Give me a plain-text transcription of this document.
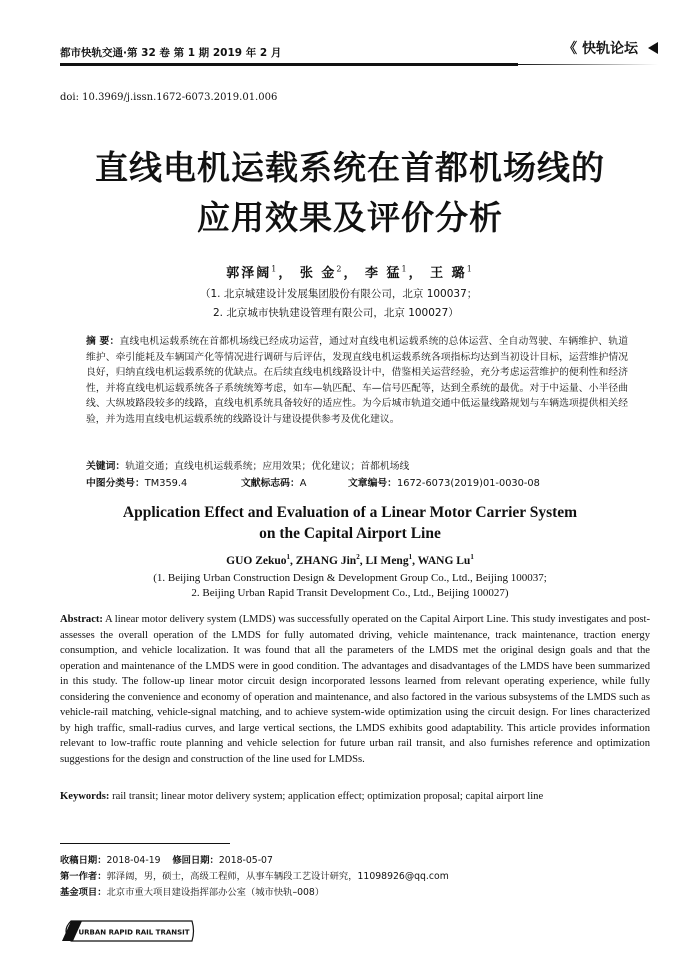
都市快轨交通·第 32 卷 第 1 期 2019 年 2 月	《 快轨论坛
doi: 10.3969/j.issn.1672-6073.2019.01.006
直线电机运载系统在首都机场线的
应用效果及评价分析
郭泽阔$^1$， 张 金$^2$， 李 猛$^1$， 王 璐$^1$
（1. 北京城建设计发展集团股份有限公司，北京 100037；
2. 北京城市快轨建设管理有限公司，北京 100027）
摘 要：直线电机运载系统在首都机场线已经成功运营，通过对直线电机运载系统的总体运营、全自动驾驶、车辆维护、轨道维护、牵引能耗及车辆国产化等情况进行调研与后评估，发现直线电机运载系统各项指标均达到当初设计目标，运营维护情况良好，归纳直线电机运载系统的优缺点。在后续直线电机线路设计中，借鉴相关运营经验，充分考虑运营维护的便利性和经济性，并将直线电机运载系统各子系统统筹考虑，如车—轨匹配、车—信号匹配等，达到全系统的最优。对于中运量、小半径曲线、大纵坡路段较多的线路，直线电机系统具备较好的适应性。为今后城市轨道交通中低运量线路规划与车辆选项提供相关经验，并为选用直线电机运载系统的线路设计与建设提供参考及优化建议。
关键词：轨道交通；直线电机运载系统；应用效果；优化建议；首都机场线
中图分类号：TM359.4	文献标志码：A	文章编号：1672-6073(2019)01-0030-08
Application Effect and Evaluation of a Linear Motor Carrier System
on the Capital Airport Line
GUO Zekuo$^1$, ZHANG Jin$^2$, LI Meng$^1$, WANG Lu$^1$
(1. Beijing Urban Construction Design & Development Group Co., Ltd., Beijing 100037;
2. Beijing Urban Rapid Transit Development Co., Ltd., Beijing 100027)
Abstract: A linear motor delivery system (LMDS) was successfully operated on the Capital Airport Line. This study investigates and post-assesses the overall operation of the LMDS for fully automated driving, vehicle maintenance, track maintenance, traction energy consumption, and vehicle localization. It was found that all the parameters of the LMDS met the original design goals and that the operation and maintenance of the LMDS were in good condition. The advantages and disadvantages of the LMDS have been summarized in this study. The follow-up linear motor circuit design incorporated lessons learned from relevant operating experience, while fully considering the convenience and economy of operation and maintenance, and also factored in the various subsystems of the LMDS such as vehicle-rail matching, vehicle-signal matching, and to achieve system-wide optimization using the circuit design. For lines characterized by high traffic, small-radius curves, and large vertical sections, the LMDS exhibits good adaptability. This article provides information relevant to low-traffic route planning and vehicle selection for future urban rail transit, and also furnishes reference and optimization suggestions for the design and construction of the line used for LMDSs.
Keywords: rail transit; linear motor delivery system; application effect; optimization proposal; capital airport line
收稿日期：2018-04-19 修回日期：2018-05-07
第一作者：郭泽阔，男，硕士，高级工程师，从事车辆段工艺设计研究，11098926@qq.com
基金项目：北京市重大项目建设指挥部办公室（城市快轨–008）
URBAN RAPID RAIL TRANSIT
